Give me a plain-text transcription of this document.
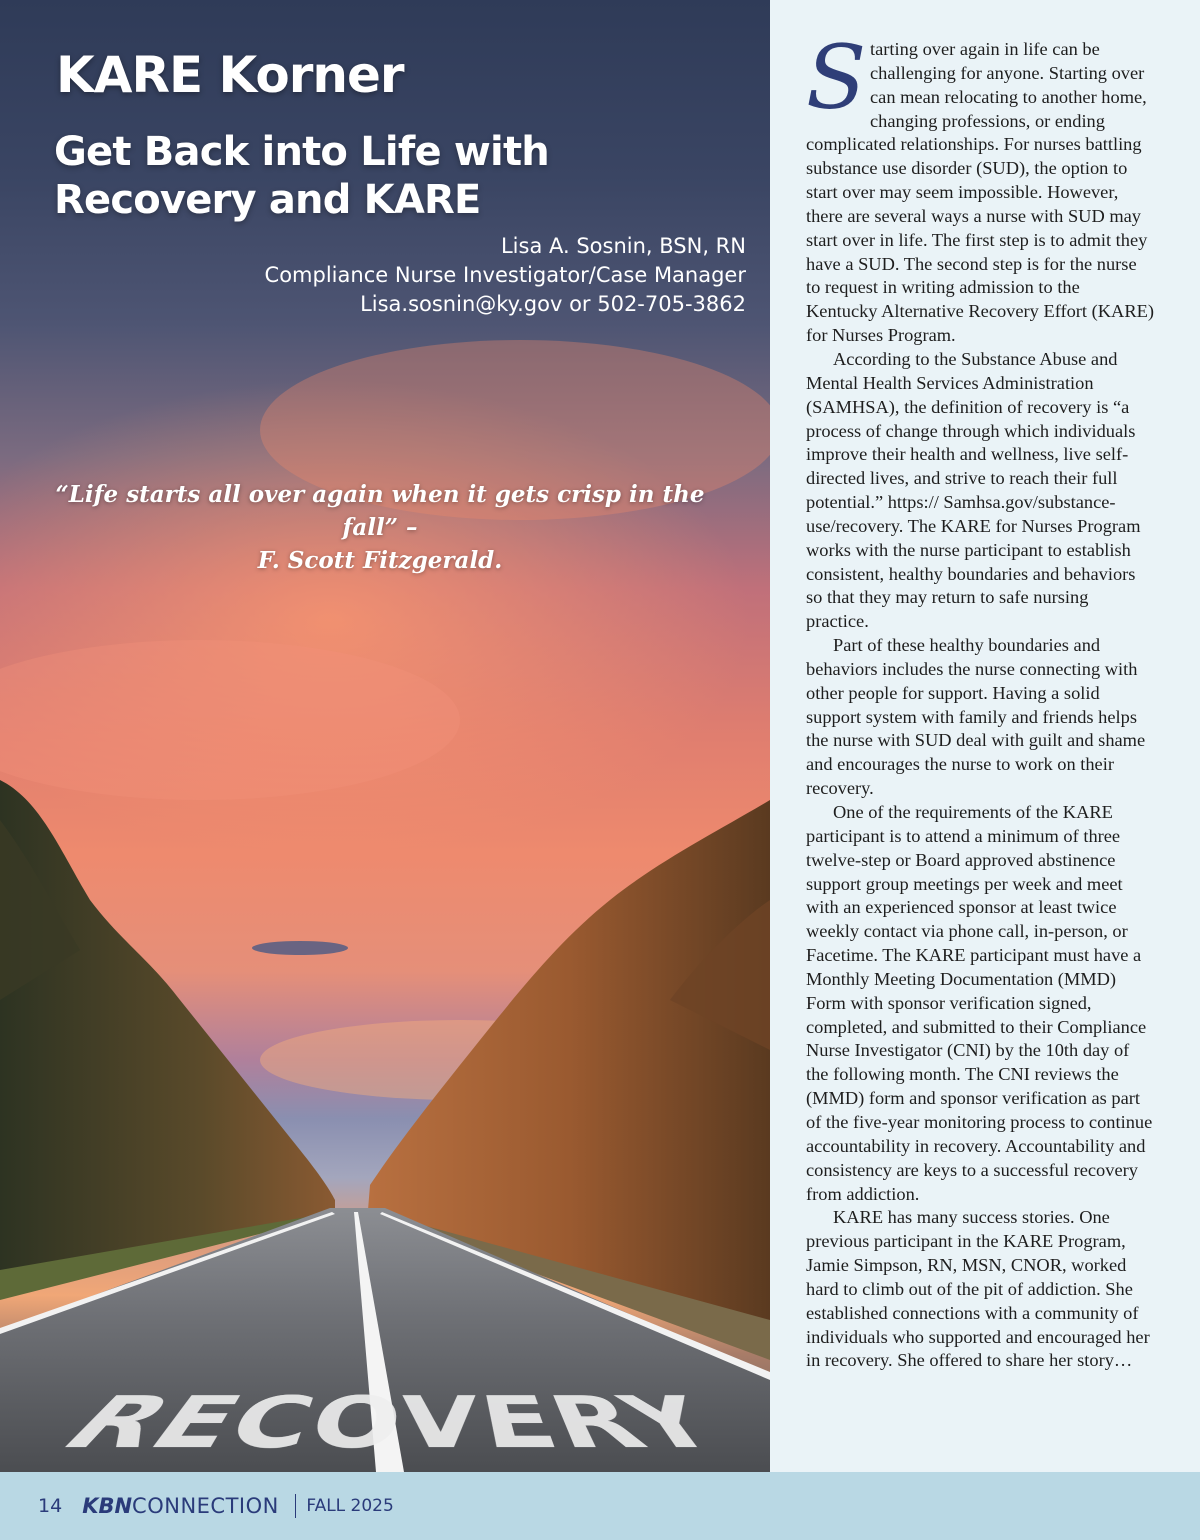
RECOVERY
KARE Korner
Get Back into Life with Recovery and KARE
Lisa A. Sosnin, BSN, RN
Compliance Nurse Investigator/Case Manager
Lisa.sosnin@ky.gov or 502-705-3862
“Life starts all over again when it gets crisp in the fall” –
F. Scott Fitzgerald.

Starting over again in life can be challenging for anyone. Starting over can mean relocating to another home, changing professions, or ending complicated relationships. For nurses battling substance use disorder (SUD), the option to start over may seem impossible. However, there are several ways a nurse with SUD may start over in life. The first step is to admit they have a SUD. The second step is for the nurse to request in writing admission to the Kentucky Alternative Recovery Effort (KARE) for Nurses Program.

According to the Substance Abuse and Mental Health Services Administration (SAMHSA), the definition of recovery is “a process of change through which individuals improve their health and wellness, live self-directed lives, and strive to reach their full potential.” https:// Samhsa.gov/substance-use/recovery. The KARE for Nurses Program works with the nurse participant to establish consistent, healthy boundaries and behaviors so that they may return to safe nursing practice.

Part of these healthy boundaries and behaviors includes the nurse connecting with other people for support. Having a solid support system with family and friends helps the nurse with SUD deal with guilt and shame and encourages the nurse to work on their recovery.

One of the requirements of the KARE participant is to attend a minimum of three twelve-step or Board approved abstinence support group meetings per week and meet with an experienced sponsor at least twice weekly contact via phone call, in-person, or Facetime. The KARE participant must have a Monthly Meeting Documentation (MMD) Form with sponsor verification signed, completed, and submitted to their Compliance Nurse Investigator (CNI) by the 10th day of the following month. The CNI reviews the (MMD) form and sponsor verification as part of the five-year monitoring process to continue accountability in recovery. Accountability and consistency are keys to a successful recovery from addiction.

KARE has many success stories. One previous participant in the KARE Program, Jamie Simpson, RN, MSN, CNOR, worked hard to climb out of the pit of addiction. She established connections with a community of individuals who supported and encouraged her in recovery. She offered to share her story…

14 KBN CONNECTION FALL 2025
